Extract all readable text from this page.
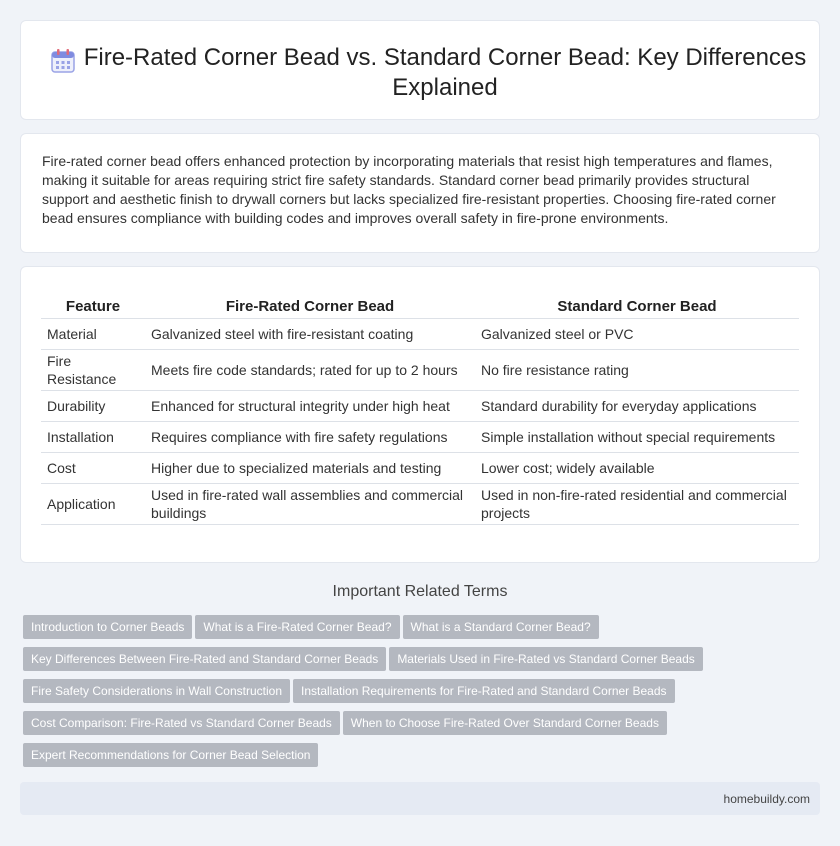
Fire-Rated Corner Bead vs. Standard Corner Bead: Key Differences Explained

Fire-rated corner bead offers enhanced protection by incorporating materials that resist high temperatures and flames, making it suitable for areas requiring strict fire safety standards. Standard corner bead primarily provides structural support and aesthetic finish to drywall corners but lacks specialized fire-resistant properties. Choosing fire-rated corner bead ensures compliance with building codes and improves overall safety in fire-prone environments.

Feature	Fire-Rated Corner Bead	Standard Corner Bead
Material	Galvanized steel with fire-resistant coating	Galvanized steel or PVC
Fire Resistance	Meets fire code standards; rated for up to 2 hours	No fire resistance rating
Durability	Enhanced for structural integrity under high heat	Standard durability for everyday applications
Installation	Requires compliance with fire safety regulations	Simple installation without special requirements
Cost	Higher due to specialized materials and testing	Lower cost; widely available
Application	Used in fire-rated wall assemblies and commercial buildings	Used in non-fire-rated residential and commercial projects
Important Related Terms
Introduction to Corner Beads What is a Fire-Rated Corner Bead? What is a Standard Corner Bead?
Key Differences Between Fire-Rated and Standard Corner Beads Materials Used in Fire-Rated vs Standard Corner Beads
Fire Safety Considerations in Wall Construction Installation Requirements for Fire-Rated and Standard Corner Beads
Cost Comparison: Fire-Rated vs Standard Corner Beads When to Choose Fire-Rated Over Standard Corner Beads
Expert Recommendations for Corner Bead Selection
homebuildy.com
